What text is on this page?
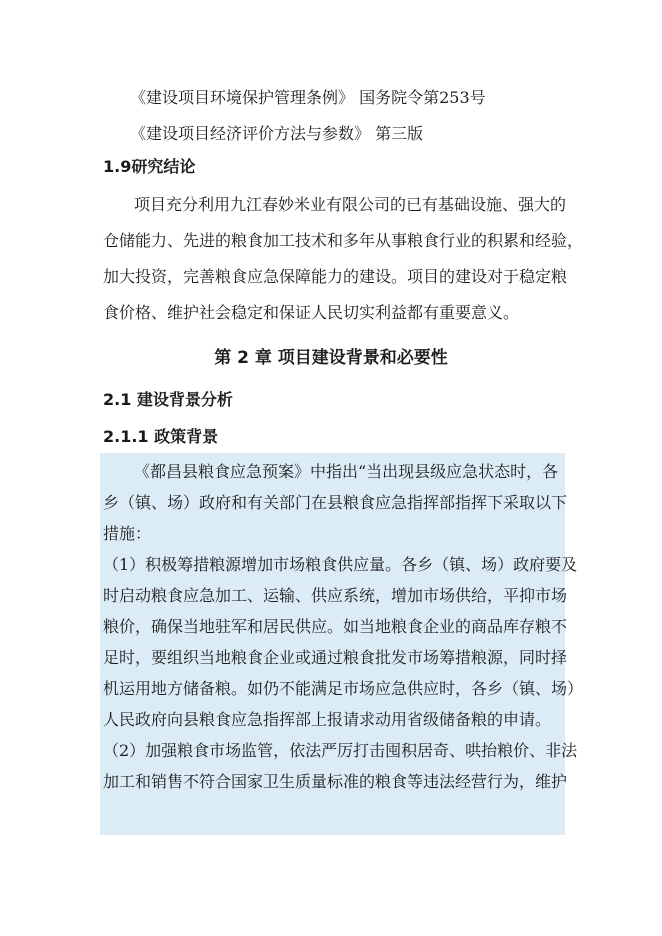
《建设项目环境保护管理条例》 国务院令第253号
《建设项目经济评价方法与参数》 第三版
1.9研究结论
项目充分利用九江春妙米业有限公司的已有基础设施、强大的
仓储能力、先进的粮食加工技术和多年从事粮食行业的积累和经验，
加大投资，完善粮食应急保障能力的建设。项目的建设对于稳定粮
食价格、维护社会稳定和保证人民切实利益都有重要意义。
第 2 章 项目建设背景和必要性
2.1 建设背景分析
2.1.1 政策背景
《都昌县粮食应急预案》中指出“当出现县级应急状态时，各
乡（镇、场）政府和有关部门在县粮食应急指挥部指挥下采取以下
措施：
（1）积极筹措粮源增加市场粮食供应量。各乡（镇、场）政府要及
时启动粮食应急加工、运输、供应系统，增加市场供给，平抑市场
粮价，确保当地驻军和居民供应。如当地粮食企业的商品库存粮不
足时，要组织当地粮食企业或通过粮食批发市场筹措粮源，同时择
机运用地方储备粮。如仍不能满足市场应急供应时，各乡（镇、场）
人民政府向县粮食应急指挥部上报请求动用省级储备粮的申请。
（2）加强粮食市场监管，依法严厉打击囤积居奇、哄抬粮价、非法
加工和销售不符合国家卫生质量标准的粮食等违法经营行为，维护
